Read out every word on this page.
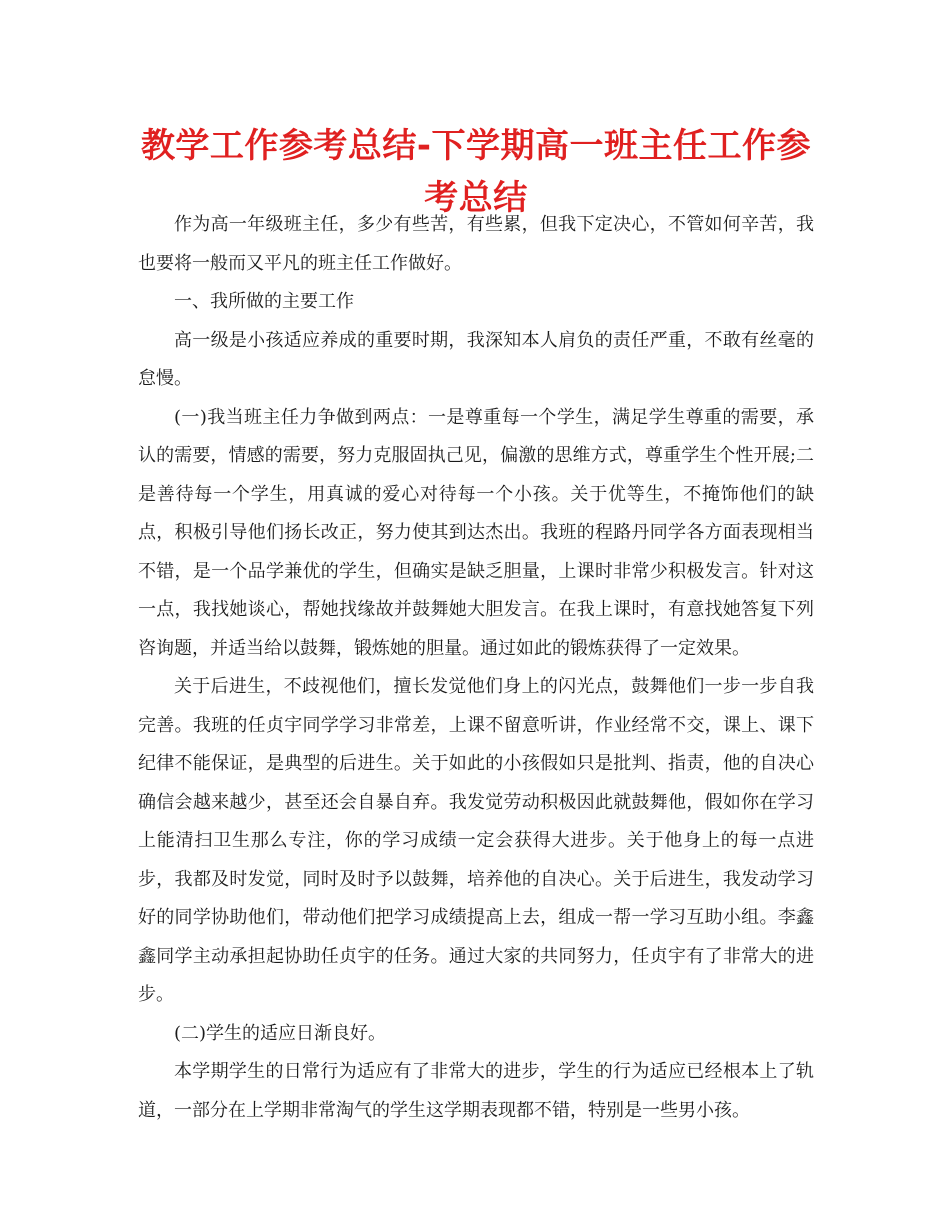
教学工作参考总结-下学期高一班主任工作参考总结

作为高一年级班主任，多少有些苦，有些累，但我下定决心，不管如何辛苦，我也要将一般而又平凡的班主任工作做好。

一、我所做的主要工作

高一级是小孩适应养成的重要时期，我深知本人肩负的责任严重，不敢有丝毫的怠慢。

(一)我当班主任力争做到两点：一是尊重每一个学生，满足学生尊重的需要，承认的需要，情感的需要，努力克服固执己见，偏激的思维方式，尊重学生个性开展;二是善待每一个学生，用真诚的爱心对待每一个小孩。关于优等生，不掩饰他们的缺点，积极引导他们扬长改正，努力使其到达杰出。我班的程路丹同学各方面表现相当不错，是一个品学兼优的学生，但确实是缺乏胆量，上课时非常少积极发言。针对这一点，我找她谈心，帮她找缘故并鼓舞她大胆发言。在我上课时，有意找她答复下列咨询题，并适当给以鼓舞，锻炼她的胆量。通过如此的锻炼获得了一定效果。

关于后进生，不歧视他们，擅长发觉他们身上的闪光点，鼓舞他们一步一步自我完善。我班的任贞宇同学学习非常差，上课不留意听讲，作业经常不交，课上、课下纪律不能保证，是典型的后进生。关于如此的小孩假如只是批判、指责，他的自决心确信会越来越少，甚至还会自暴自弃。我发觉劳动积极因此就鼓舞他，假如你在学习上能清扫卫生那么专注，你的学习成绩一定会获得大进步。关于他身上的每一点进步，我都及时发觉，同时及时予以鼓舞，培养他的自决心。关于后进生，我发动学习好的同学协助他们，带动他们把学习成绩提高上去，组成一帮一学习互助小组。李鑫鑫同学主动承担起协助任贞宇的任务。通过大家的共同努力，任贞宇有了非常大的进步。

(二)学生的适应日渐良好。

本学期学生的日常行为适应有了非常大的进步，学生的行为适应已经根本上了轨道，一部分在上学期非常淘气的学生这学期表现都不错，特别是一些男小孩。
